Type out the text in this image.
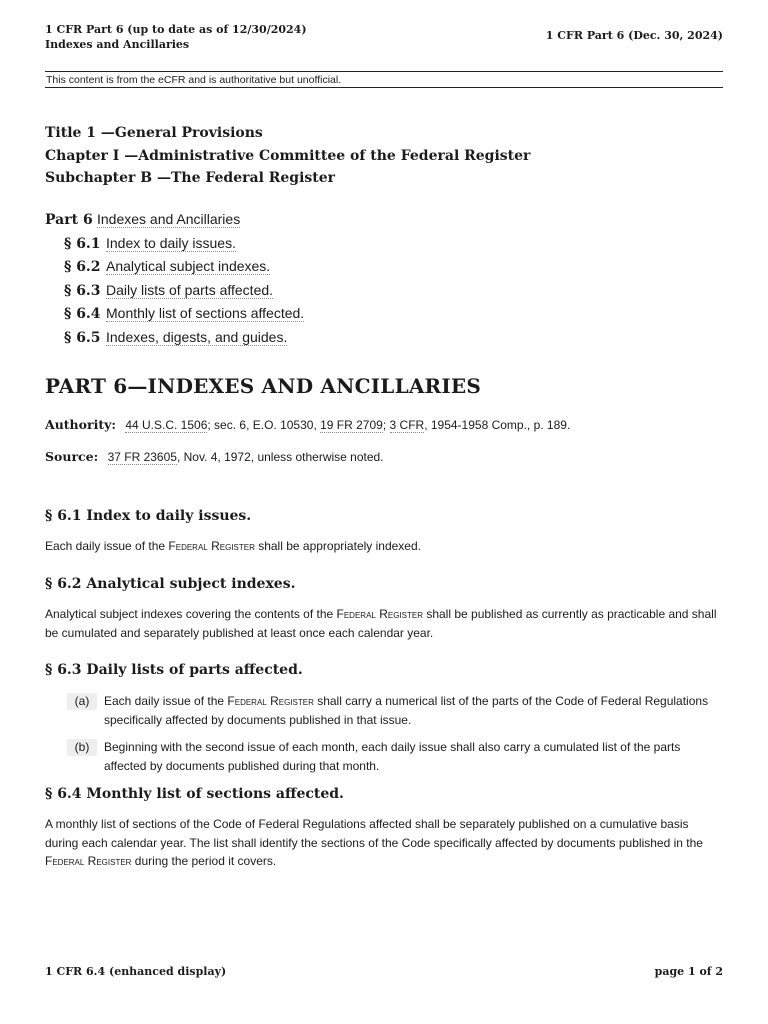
1 CFR Part 6 (up to date as of 12/30/2024)
Indexes and Ancillaries
1 CFR Part 6 (Dec. 30, 2024)
This content is from the eCFR and is authoritative but unofficial.
Title 1 —General Provisions
Chapter I —Administrative Committee of the Federal Register
Subchapter B —The Federal Register
Part 6 Indexes and Ancillaries
§ 6.1 Index to daily issues.
§ 6.2 Analytical subject indexes.
§ 6.3 Daily lists of parts affected.
§ 6.4 Monthly list of sections affected.
§ 6.5 Indexes, digests, and guides.
PART 6—INDEXES AND ANCILLARIES
Authority: 44 U.S.C. 1506; sec. 6, E.O. 10530, 19 FR 2709; 3 CFR, 1954-1958 Comp., p. 189.
Source: 37 FR 23605, Nov. 4, 1972, unless otherwise noted.
§ 6.1 Index to daily issues.
Each daily issue of the Federal Register shall be appropriately indexed.
§ 6.2 Analytical subject indexes.
Analytical subject indexes covering the contents of the Federal Register shall be published as currently as practicable and shall be cumulated and separately published at least once each calendar year.
§ 6.3 Daily lists of parts affected.
(a)	Each daily issue of the Federal Register shall carry a numerical list of the parts of the Code of Federal Regulations specifically affected by documents published in that issue.
(b)	Beginning with the second issue of each month, each daily issue shall also carry a cumulated list of the parts affected by documents published during that month.
§ 6.4 Monthly list of sections affected.
A monthly list of sections of the Code of Federal Regulations affected shall be separately published on a cumulative basis during each calendar year. The list shall identify the sections of the Code specifically affected by documents published in the Federal Register during the period it covers.
1 CFR 6.4 (enhanced display)	page 1 of 2
